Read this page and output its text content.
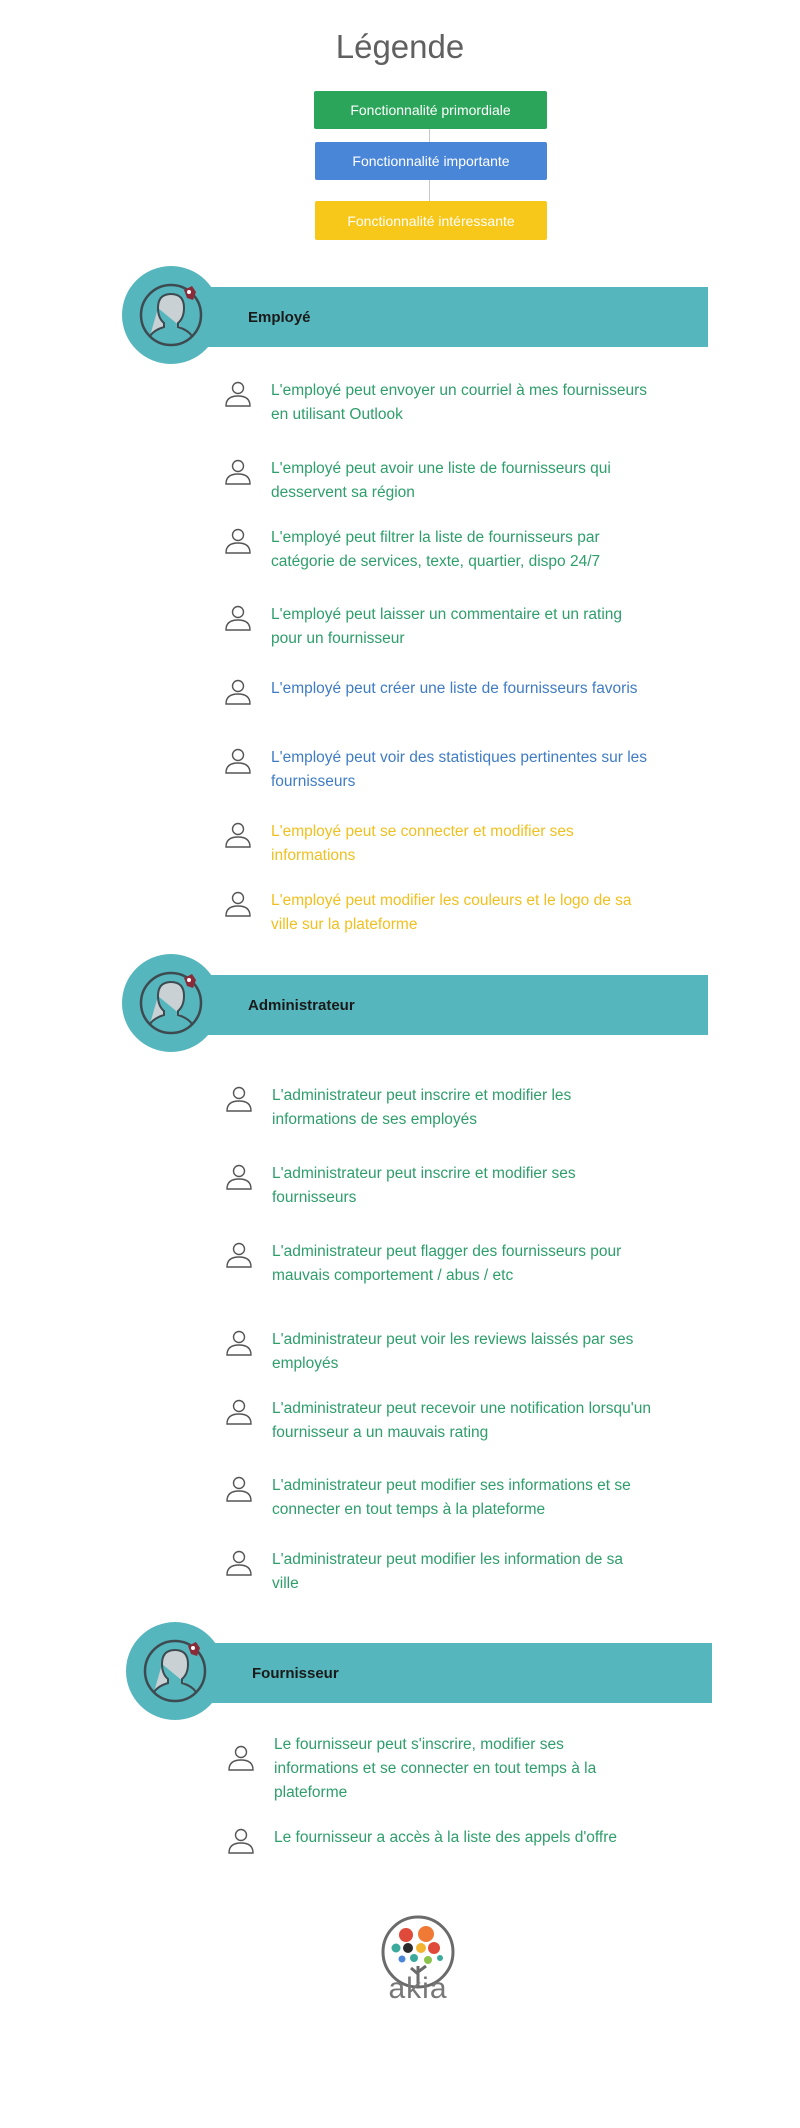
Légende
Fonctionnalité primordiale
Fonctionnalité importante
Fonctionnalité intéressante
Employé
L'employé peut envoyer un courriel à mes fournisseurs en utilisant Outlook
L'employé peut avoir une liste de fournisseurs qui desservent sa région
L'employé peut filtrer la liste de fournisseurs par catégorie de services, texte, quartier, dispo 24/7
L'employé peut laisser un commentaire et un rating pour un fournisseur
L'employé peut créer une liste de fournisseurs favoris
L'employé peut voir des statistiques pertinentes sur les fournisseurs
L'employé peut se connecter et modifier ses informations
L'employé peut modifier les couleurs et le logo de sa ville sur la plateforme
Administrateur
L'administrateur peut inscrire et modifier les informations de ses employés
L'administrateur peut inscrire et modifier ses fournisseurs
L'administrateur peut flagger des fournisseurs pour mauvais comportement / abus / etc
L'administrateur peut voir les reviews laissés par ses employés
L'administrateur peut recevoir une notification lorsqu'un fournisseur a un mauvais rating
L'administrateur peut modifier ses informations et se connecter en tout temps à la plateforme
L'administrateur peut modifier les information de sa ville
Fournisseur
Le fournisseur peut s'inscrire, modifier ses informations et se connecter en tout temps à la plateforme
Le fournisseur a accès à la liste des appels d'offre
akia
